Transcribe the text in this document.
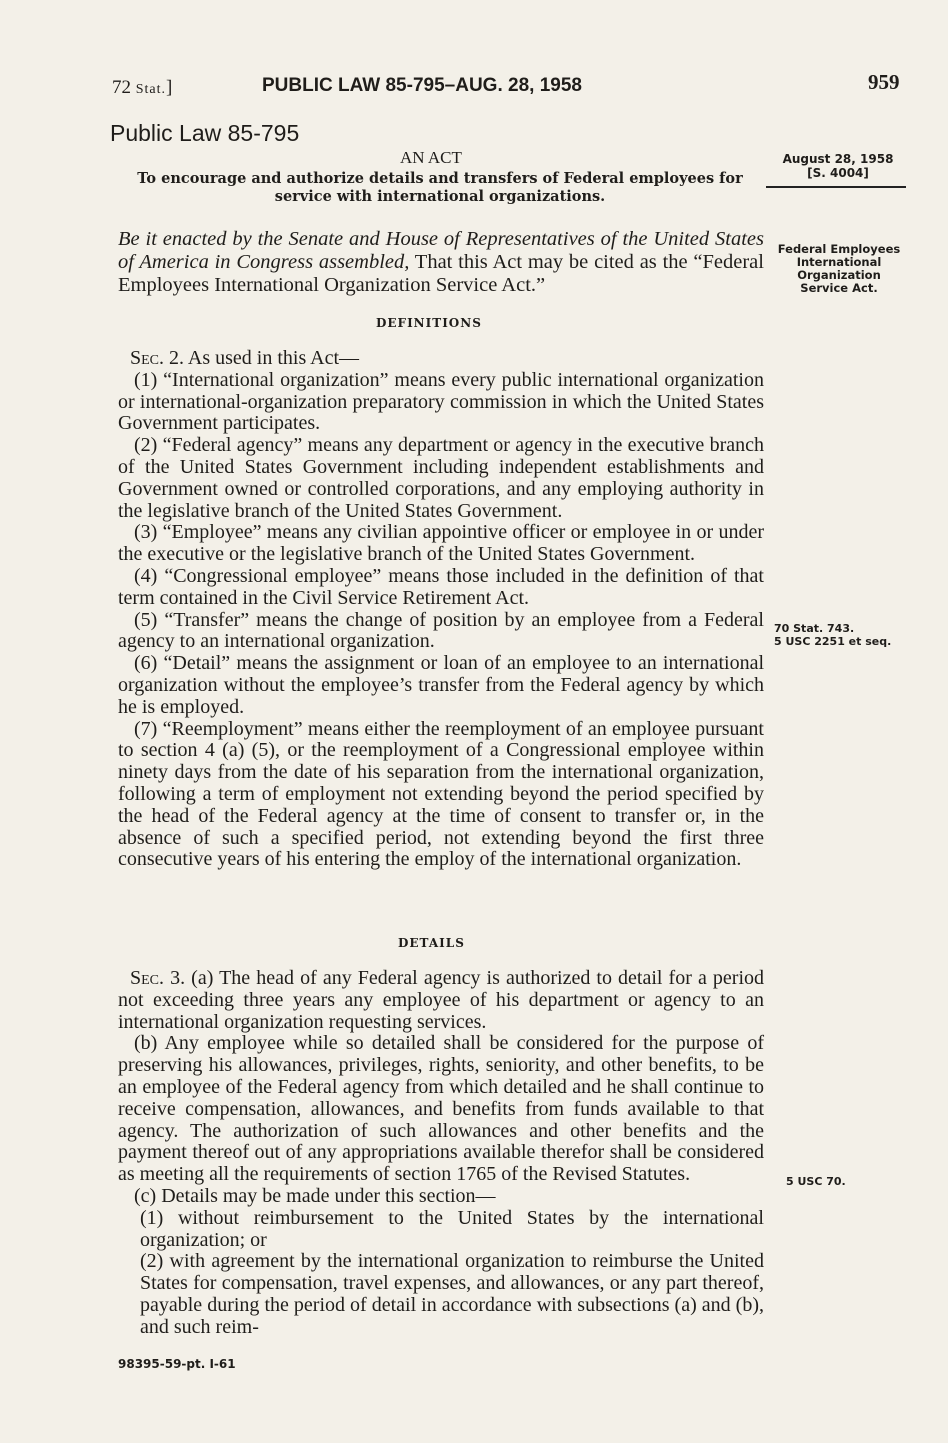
72 Stat.]	PUBLIC LAW 85-795–AUG. 28, 1958	959
Public Law 85-795
AN ACT
To encourage and authorize details and transfers of Federal employees for service with international organizations.
Be it enacted by the Senate and House of Representatives of the United States of America in Congress assembled, That this Act may be cited as the “Federal Employees International Organization Service Act.”
August 28, 1958
[S. 4004]
Federal Employees International Organization Service Act.
70 Stat. 743.
5 USC 2251 et seq.
5 USC 70.
DEFINITIONS

Sec. 2. As used in this Act—

(1) “International organization” means every public international organization or international-organization preparatory commission in which the United States Government participates.

(2) “Federal agency” means any department or agency in the executive branch of the United States Government including independent establishments and Government owned or controlled corporations, and any employing authority in the legislative branch of the United States Government.

(3) “Employee” means any civilian appointive officer or employee in or under the executive or the legislative branch of the United States Government.

(4) “Congressional employee” means those included in the definition of that term contained in the Civil Service Retirement Act.

(5) “Transfer” means the change of position by an employee from a Federal agency to an international organization.

(6) “Detail” means the assignment or loan of an employee to an international organization without the employee’s transfer from the Federal agency by which he is employed.

(7) “Reemployment” means either the reemployment of an employee pursuant to section 4 (a) (5), or the reemployment of a Congressional employee within ninety days from the date of his separation from the international organization, following a term of employment not extending beyond the period specified by the head of the Federal agency at the time of consent to transfer or, in the absence of such a specified period, not extending beyond the first three consecutive years of his entering the employ of the international organization.

DETAILS

Sec. 3. (a) The head of any Federal agency is authorized to detail for a period not exceeding three years any employee of his department or agency to an international organization requesting services.

(b) Any employee while so detailed shall be considered for the purpose of preserving his allowances, privileges, rights, seniority, and other benefits, to be an employee of the Federal agency from which detailed and he shall continue to receive compensation, allowances, and benefits from funds available to that agency. The authorization of such allowances and other benefits and the payment thereof out of any appropriations available therefor shall be considered as meeting all the requirements of section 1765 of the Revised Statutes.

(c) Details may be made under this section—

(1) without reimbursement to the United States by the international organization; or

(2) with agreement by the international organization to reimburse the United States for compensation, travel expenses, and allowances, or any part thereof, payable during the period of detail in accordance with subsections (a) and (b), and such reim-

98395-59-pt. I-61
